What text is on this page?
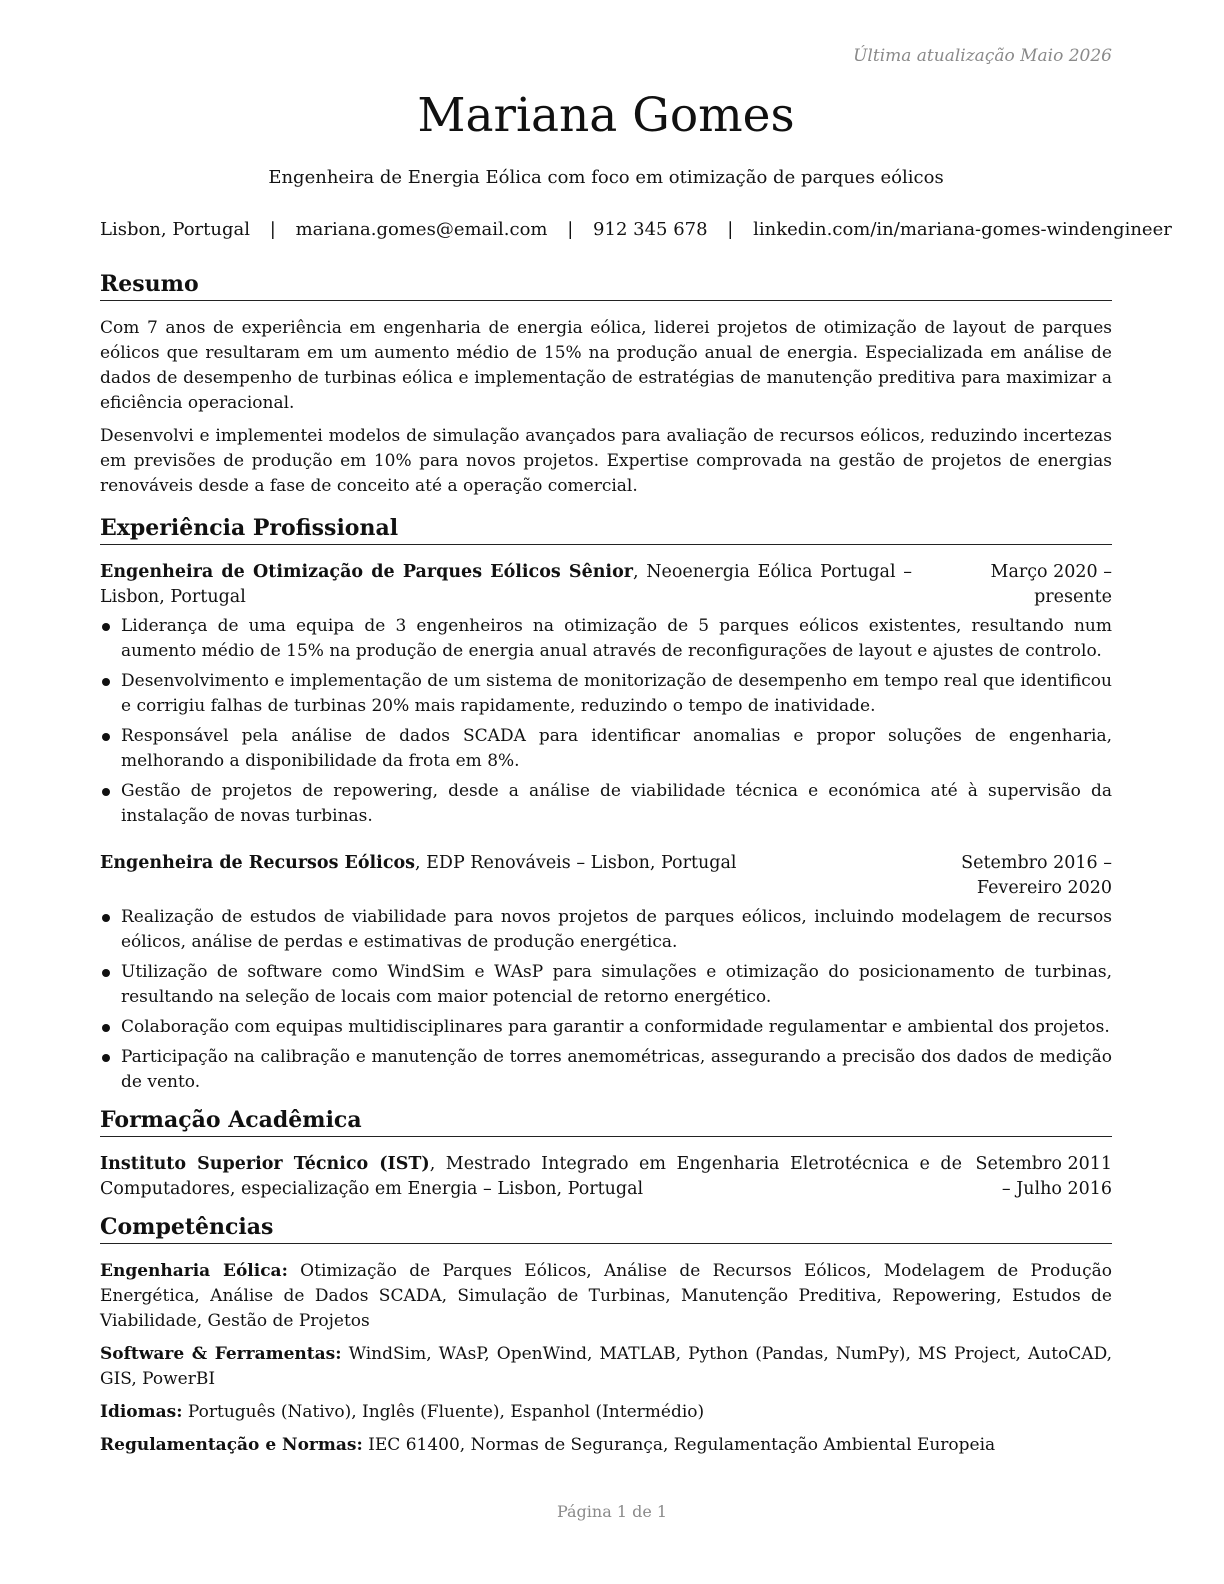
Última atualização Maio 2026
Mariana Gomes
Engenheira de Energia Eólica com foco em otimização de parques eólicos
Lisbon, Portugal | mariana.gomes@email.com | 912 345 678 | linkedin.com/in/mariana-gomes-windengineer
Resumo

Com 7 anos de experiência em engenharia de energia eólica, liderei projetos de otimização de layout de parques eólicos que resultaram em um aumento médio de 15% na produção anual de energia. Especializada em análise de dados de desempenho de turbinas eólica e implementação de estratégias de manutenção preditiva para maximizar a eficiência operacional.

Desenvolvi e implementei modelos de simulação avançados para avaliação de recursos eólicos, reduzindo incertezas em previsões de produção em 10% para novos projetos. Expertise comprovada na gestão de projetos de energias renováveis desde a fase de conceito até a operação comercial.

Experiência Profissional
Engenheira de Otimização de Parques Eólicos Sênior, Neoenergia Eólica Portugal – Lisbon, Portugal
Março 2020 – presente
Liderança de uma equipa de 3 engenheiros na otimização de 5 parques eólicos existentes, resultando num aumento médio de 15% na produção de energia anual através de reconfigurações de layout e ajustes de controlo.
Desenvolvimento e implementação de um sistema de monitorização de desempenho em tempo real que identificou e corrigiu falhas de turbinas 20% mais rapidamente, reduzindo o tempo de inatividade.
Responsável pela análise de dados SCADA para identificar anomalias e propor soluções de engenharia, melhorando a disponibilidade da frota em 8%.
Gestão de projetos de repowering, desde a análise de viabilidade técnica e económica até à supervisão da instalação de novas turbinas.
Engenheira de Recursos Eólicos, EDP Renováveis – Lisbon, Portugal	Setembro 2016 – Fevereiro 2020
Realização de estudos de viabilidade para novos projetos de parques eólicos, incluindo modelagem de recursos eólicos, análise de perdas e estimativas de produção energética.
Utilização de software como WindSim e WAsP para simulações e otimização do posicionamento de turbinas, resultando na seleção de locais com maior potencial de retorno energético.
Colaboração com equipas multidisciplinares para garantir a conformidade regulamentar e ambiental dos projetos.
Participação na calibração e manutenção de torres anemométricas, assegurando a precisão dos dados de medição de vento.
Formação Acadêmica
Instituto Superior Técnico (IST), Mestrado Integrado em Engenharia Eletrotécnica e de Computadores, especialização em Energia – Lisbon, Portugal
Setembro 2011 – Julho 2016
Competências

Engenharia Eólica: Otimização de Parques Eólicos, Análise de Recursos Eólicos, Modelagem de Produção Energética, Análise de Dados SCADA, Simulação de Turbinas, Manutenção Preditiva, Repowering, Estudos de Viabilidade, Gestão de Projetos

Software & Ferramentas: WindSim, WAsP, OpenWind, MATLAB, Python (Pandas, NumPy), MS Project, AutoCAD, GIS, PowerBI

Idiomas: Português (Nativo), Inglês (Fluente), Espanhol (Intermédio)

Regulamentação e Normas: IEC 61400, Normas de Segurança, Regulamentação Ambiental Europeia

Página 1 de 1
